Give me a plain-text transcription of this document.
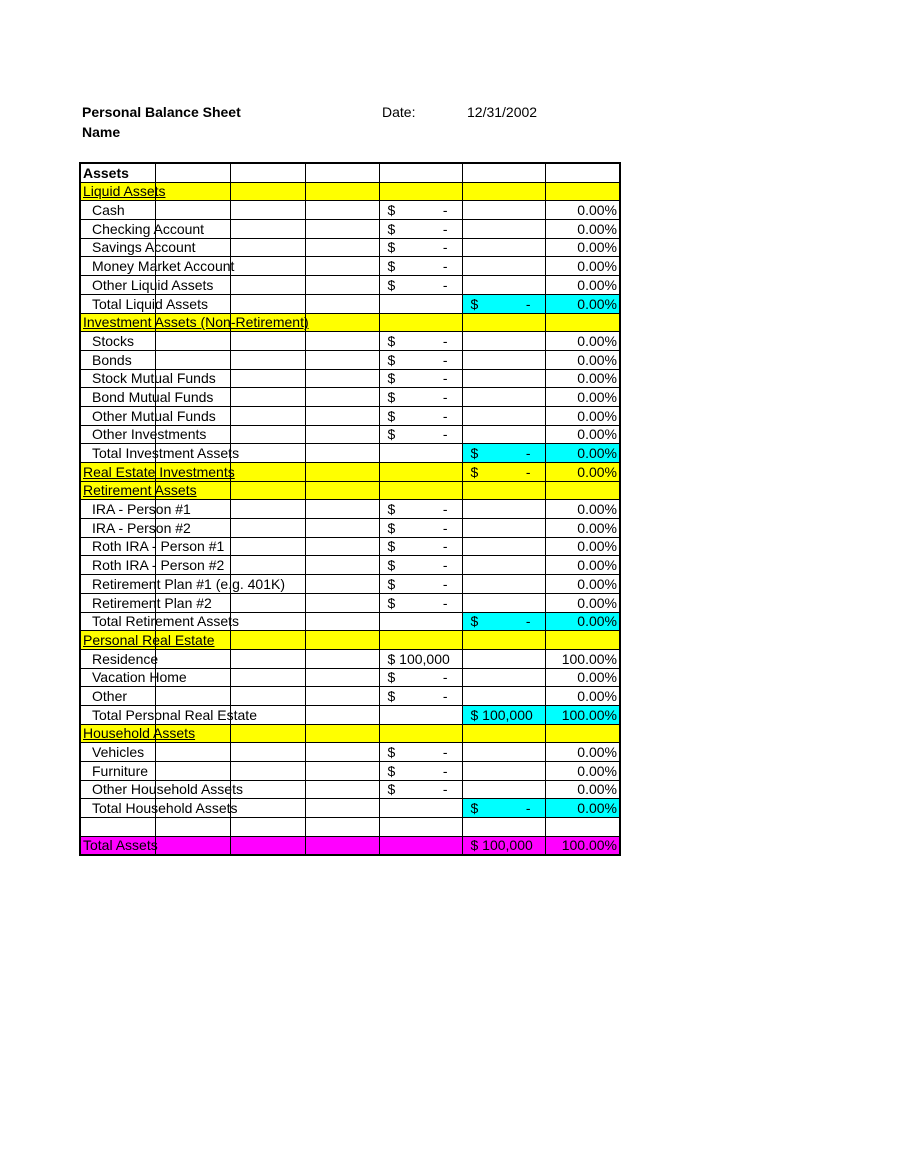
Personal Balance Sheet
Name
Date:	12/31/2002
Assets						

Liquid Assets						

Cash				$ -		0.00%

Checking Account				$ -		0.00%

Savings Account				$ -		0.00%

Money Market Account				$ -		0.00%

Other Liquid Assets				$ -		0.00%

Total Liquid Assets					$ -	0.00%

Investment Assets (Non-Retirement)						

Stocks				$ -		0.00%

Bonds				$ -		0.00%

Stock Mutual Funds				$ -		0.00%

Bond Mutual Funds				$ -		0.00%

Other Mutual Funds				$ -		0.00%

Other Investments				$ -		0.00%

Total Investment Assets					$ -	0.00%

Real Estate Investments					$ -	0.00%

Retirement Assets						

IRA - Person #1				$ -		0.00%

IRA - Person #2				$ -		0.00%

Roth IRA - Person #1				$ -		0.00%

Roth IRA - Person #2				$ -		0.00%

Retirement Plan #1 (e.g. 401K)				$ -		0.00%

Retirement Plan #2				$ -		0.00%

Total Retirement Assets					$ -	0.00%

Personal Real Estate						

Residence				$ 100,000		100.00%

Vacation Home				$ -		0.00%

Other				$ -		0.00%

Total Personal Real Estate					$ 100,000	100.00%

Household Assets						

Vehicles				$ -		0.00%

Furniture				$ -		0.00%

Other Household Assets				$ -		0.00%

Total Household Assets					$ -	0.00%

Total Assets					$ 100,000	100.00%
